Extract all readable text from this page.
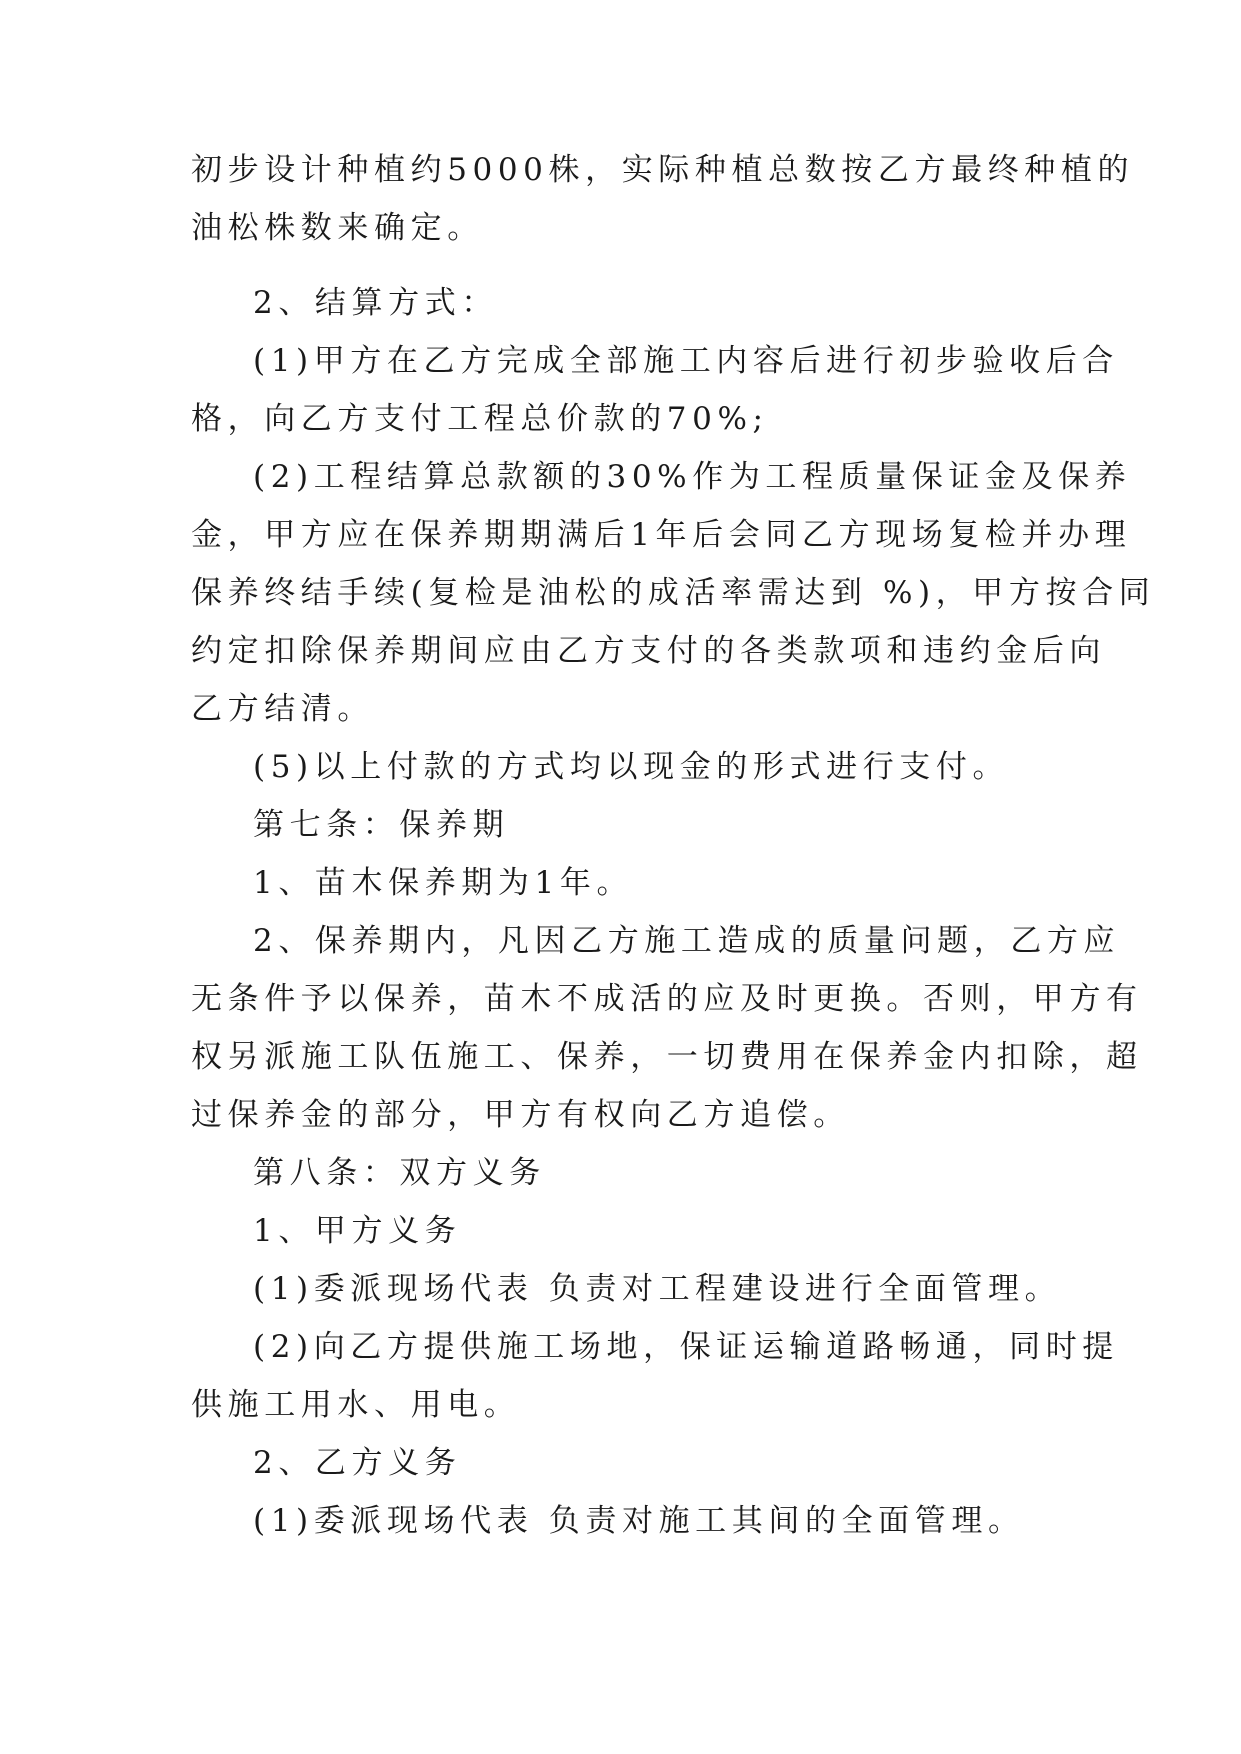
初步设计种植约5000株，实际种植总数按乙方最终种植的
油松株数来确定。
2、结算方式：
(1)甲方在乙方完成全部施工内容后进行初步验收后合
格，向乙方支付工程总价款的70%;
(2)工程结算总款额的30%作为工程质量保证金及保养
金，甲方应在保养期期满后1年后会同乙方现场复检并办理
保养终结手续(复检是油松的成活率需达到 %)，甲方按合同
约定扣除保养期间应由乙方支付的各类款项和违约金后向
乙方结清。
(5)以上付款的方式均以现金的形式进行支付。
第七条：保养期
1、苗木保养期为1年。
2、保养期内，凡因乙方施工造成的质量问题，乙方应
无条件予以保养，苗木不成活的应及时更换。否则，甲方有
权另派施工队伍施工、保养，一切费用在保养金内扣除，超
过保养金的部分，甲方有权向乙方追偿。
第八条：双方义务
1、甲方义务
(1)委派现场代表 负责对工程建设进行全面管理。
(2)向乙方提供施工场地，保证运输道路畅通，同时提
供施工用水、用电。
2、乙方义务
(1)委派现场代表 负责对施工其间的全面管理。
